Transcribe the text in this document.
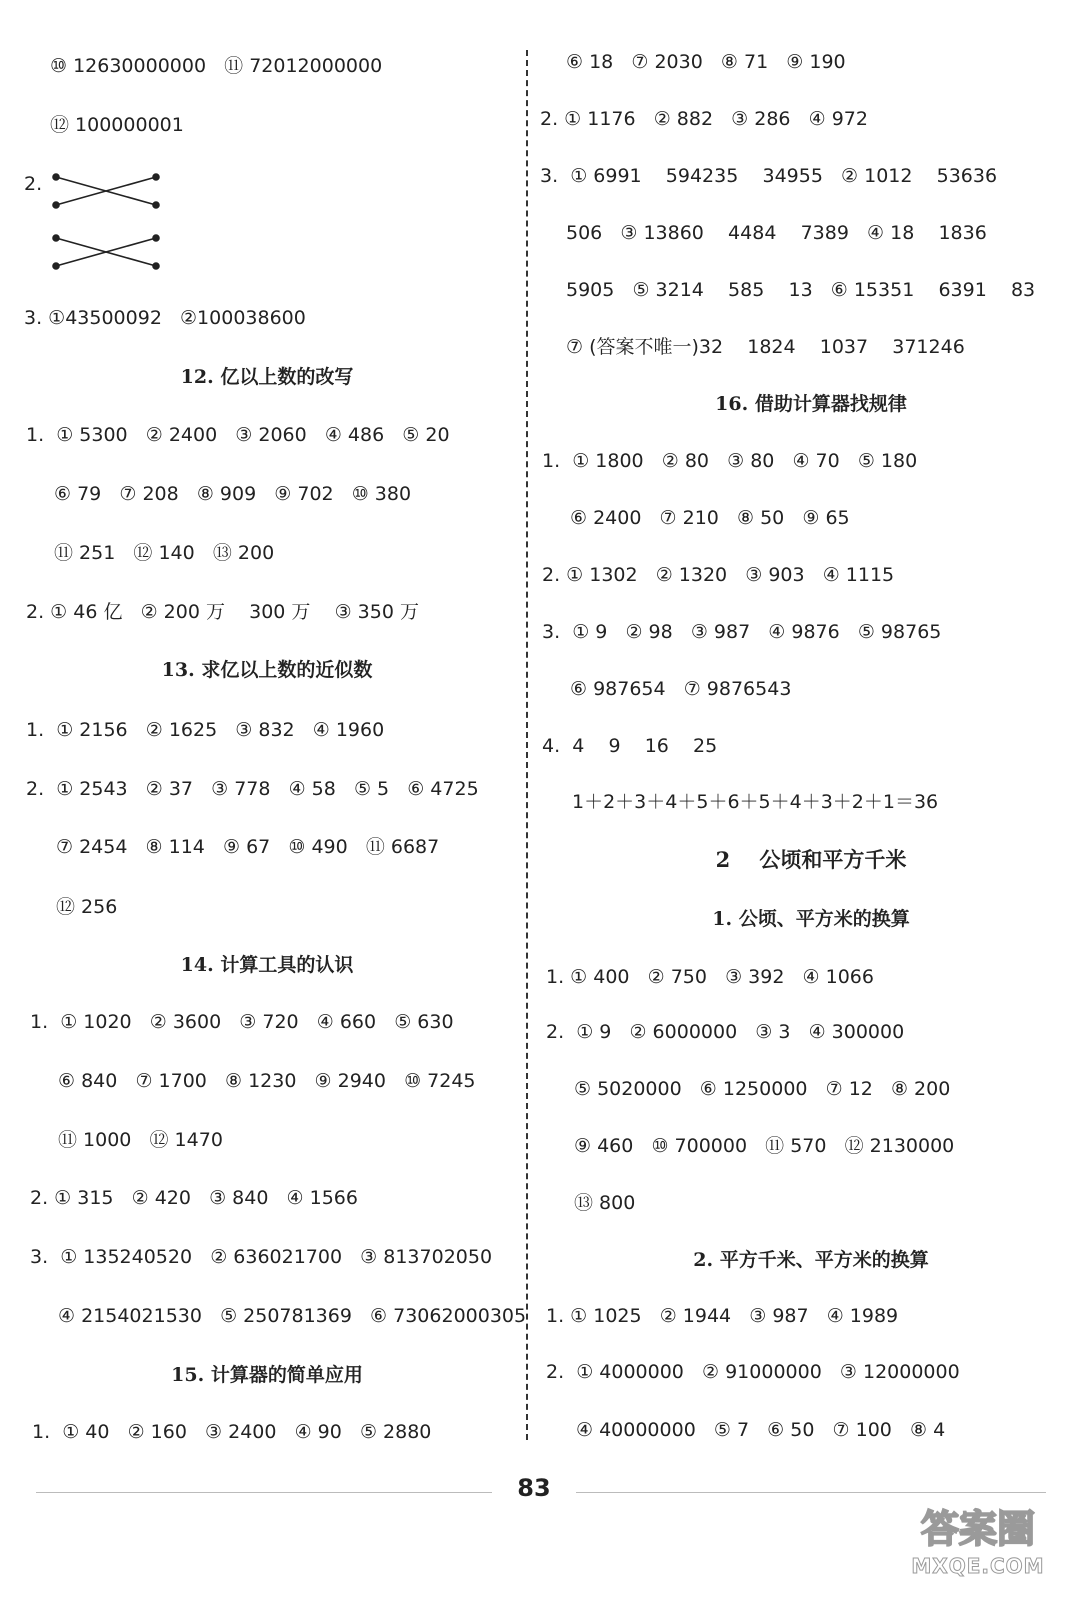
⑩ 12630000000   ⑪ 72012000000
⑫ 100000001
2.
3. ①43500092   ②100038600
12. 亿以上数的改写
1.  ① 5300   ② 2400   ③ 2060   ④ 486   ⑤ 20
⑥ 79   ⑦ 208   ⑧ 909   ⑨ 702   ⑩ 380
⑪ 251   ⑫ 140   ⑬ 200
2. ① 46 亿   ② 200 万    300 万    ③ 350 万
13. 求亿以上数的近似数
1.  ① 2156   ② 1625   ③ 832   ④ 1960
2.  ① 2543   ② 37   ③ 778   ④ 58   ⑤ 5   ⑥ 4725
⑦ 2454   ⑧ 114   ⑨ 67   ⑩ 490   ⑪ 6687
⑫ 256
14. 计算工具的认识
1.  ① 1020   ② 3600   ③ 720   ④ 660   ⑤ 630
⑥ 840   ⑦ 1700   ⑧ 1230   ⑨ 2940   ⑩ 7245
⑪ 1000   ⑫ 1470
2. ① 315   ② 420   ③ 840   ④ 1566
3.  ① 135240520   ② 636021700   ③ 813702050
④ 2154021530   ⑤ 250781369   ⑥ 73062000305
15. 计算器的简单应用
1.  ① 40   ② 160   ③ 2400   ④ 90   ⑤ 2880
⑥ 18   ⑦ 2030   ⑧ 71   ⑨ 190
2. ① 1176   ② 882   ③ 286   ④ 972
3.  ① 6991    594235    34955   ② 1012    53636
506   ③ 13860    4484    7389   ④ 18    1836
5905   ⑤ 3214    585    13   ⑥ 15351    6391    83
⑦ (答案不唯一)32    1824    1037    371246
16. 借助计算器找规律
1.  ① 1800   ② 80   ③ 80   ④ 70   ⑤ 180
⑥ 2400   ⑦ 210   ⑧ 50   ⑨ 65
2. ① 1302   ② 1320   ③ 903   ④ 1115
3.  ① 9   ② 98   ③ 987   ④ 9876   ⑤ 98765
⑥ 987654   ⑦ 9876543
4.  4    9    16    25
1＋2＋3＋4＋5＋6＋5＋4＋3＋2＋1＝36
2    公顷和平方千米
1. 公顷、平方米的换算
1. ① 400   ② 750   ③ 392   ④ 1066
2.  ① 9   ② 6000000   ③ 3   ④ 300000
⑤ 5020000   ⑥ 1250000   ⑦ 12   ⑧ 200
⑨ 460   ⑩ 700000   ⑪ 570   ⑫ 2130000
⑬ 800
2. 平方千米、平方米的换算
1. ① 1025   ② 1944   ③ 987   ④ 1989
2.  ① 4000000   ② 91000000   ③ 12000000
④ 40000000   ⑤ 7   ⑥ 50   ⑦ 100   ⑧ 4
83
答案圈
MXQE.COM
